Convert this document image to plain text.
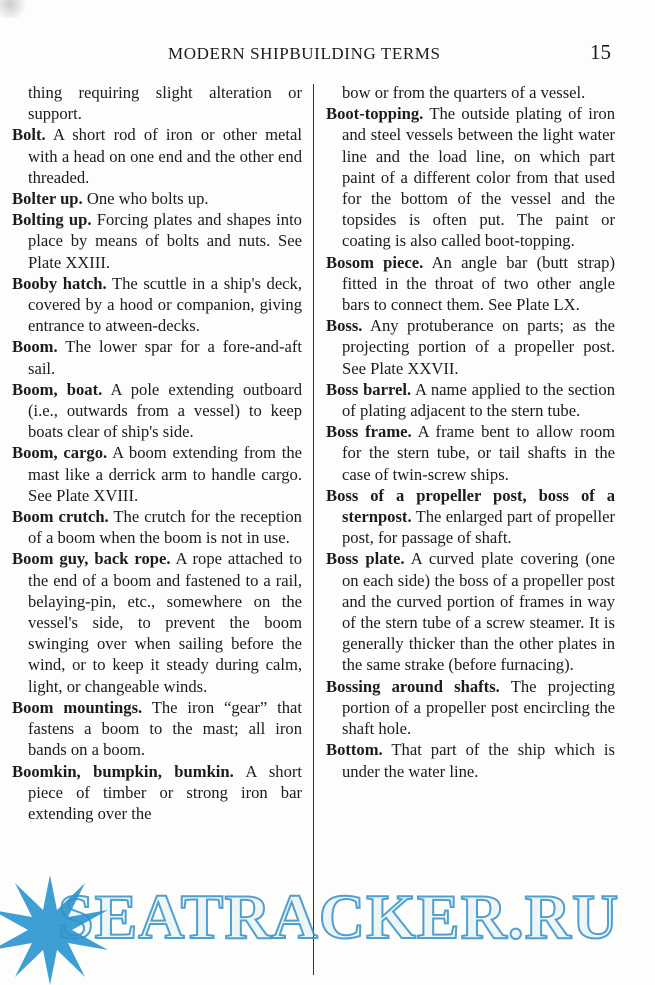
MODERN SHIPBUILDING TERMS	15

thing requiring slight alteration or support.

Bolt. A short rod of iron or other metal with a head on one end and the other end threaded.

Bolter up. One who bolts up.

Bolting up. Forcing plates and shapes into place by means of bolts and nuts. See Plate XXIII.

Booby hatch. The scuttle in a ship's deck, covered by a hood or companion, giving entrance to atween-decks.

Boom. The lower spar for a fore-and-aft sail.

Boom, boat. A pole extending outboard (i.e., outwards from a vessel) to keep boats clear of ship's side.

Boom, cargo. A boom extending from the mast like a derrick arm to handle cargo. See Plate XVIII.

Boom crutch. The crutch for the reception of a boom when the boom is not in use.

Boom guy, back rope. A rope attached to the end of a boom and fastened to a rail, belaying-pin, etc., somewhere on the vessel's side, to prevent the boom swinging over when sailing before the wind, or to keep it steady during calm, light, or changeable winds.

Boom mountings. The iron “gear” that fastens a boom to the mast; all iron bands on a boom.

Boomkin, bumpkin, bumkin. A short piece of timber or strong iron bar extending over the

bow or from the quarters of a vessel.

Boot-topping. The outside plating of iron and steel vessels between the light water line and the load line, on which part paint of a different color from that used for the bottom of the vessel and the topsides is often put. The paint or coating is also called boot-topping.

Bosom piece. An angle bar (butt strap) fitted in the throat of two other angle bars to connect them. See Plate LX.

Boss. Any protuberance on parts; as the projecting portion of a propeller post. See Plate XXVII.

Boss barrel. A name applied to the section of plating adjacent to the stern tube.

Boss frame. A frame bent to allow room for the stern tube, or tail shafts in the case of twin-screw ships.

Boss of a propeller post, boss of a sternpost. The enlarged part of propeller post, for passage of shaft.

Boss plate. A curved plate covering (one on each side) the boss of a propeller post and the curved portion of frames in way of the stern tube of a screw steamer. It is generally thicker than the other plates in the same strake (before furnacing).

Bossing around shafts. The projecting portion of a propeller post encircling the shaft hole.

Bottom. That part of the ship which is under the water line.

SEATRACKER.RU
